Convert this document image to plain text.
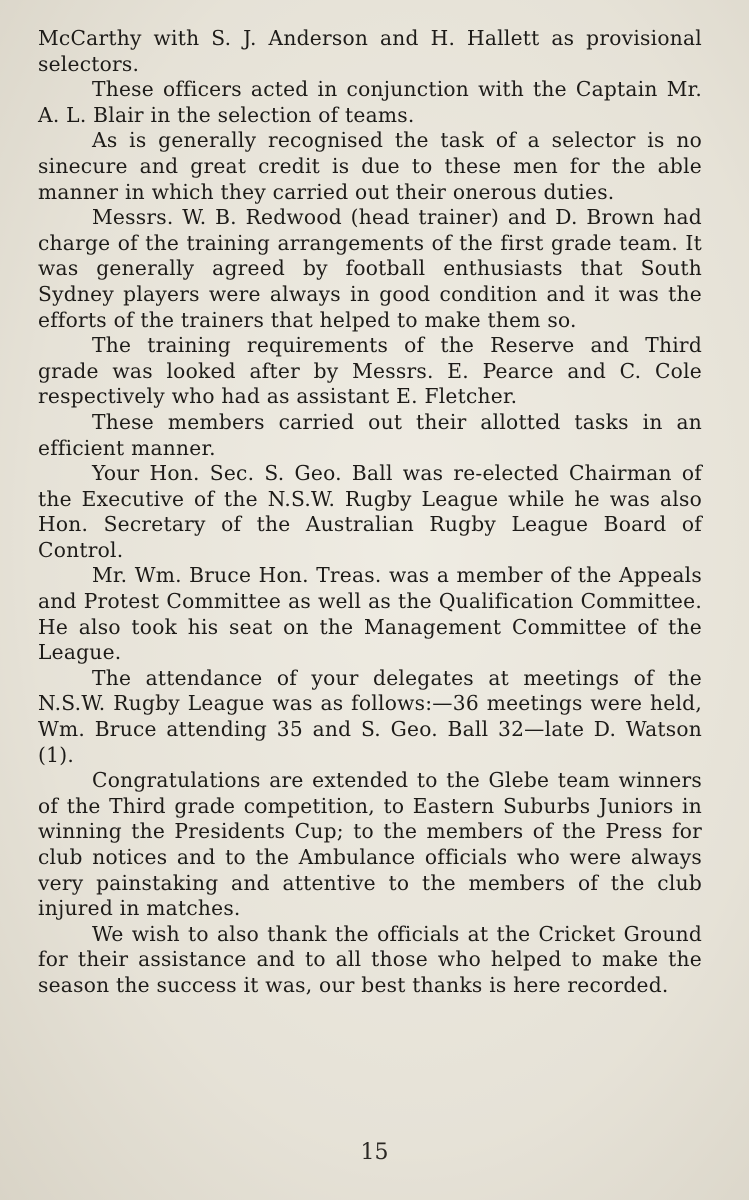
McCarthy with S. J. Anderson and H. Hallett as provisional selectors.

These officers acted in conjunction with the Captain Mr. A. L. Blair in the selection of teams.

As is generally recognised the task of a selector is no sinecure and great credit is due to these men for the able manner in which they carried out their onerous duties.

Messrs. W. B. Redwood (head trainer) and D. Brown had charge of the training arrangements of the first grade team. It was generally agreed by football enthusiasts that South Sydney players were always in good condition and it was the efforts of the trainers that helped to make them so.

The training requirements of the Reserve and Third grade was looked after by Messrs. E. Pearce and C. Cole respectively who had as assistant E. Fletcher.

These members carried out their allotted tasks in an efficient manner.

Your Hon. Sec. S. Geo. Ball was re-elected Chairman of the Executive of the N.S.W. Rugby League while he was also Hon. Secretary of the Australian Rugby League Board of Control.

Mr. Wm. Bruce Hon. Treas. was a member of the Appeals and Protest Committee as well as the Qualification Committee. He also took his seat on the Management Committee of the League.

The attendance of your delegates at meetings of the N.S.W. Rugby League was as follows:—36 meetings were held, Wm. Bruce attending 35 and S. Geo. Ball 32—late D. Watson (1).

Congratulations are extended to the Glebe team winners of the Third grade competition, to Eastern Suburbs Juniors in winning the Presidents Cup; to the members of the Press for club notices and to the Ambulance officials who were always very painstaking and attentive to the members of the club injured in matches.

We wish to also thank the officials at the Cricket Ground for their assistance and to all those who helped to make the season the success it was, our best thanks is here recorded.

15
